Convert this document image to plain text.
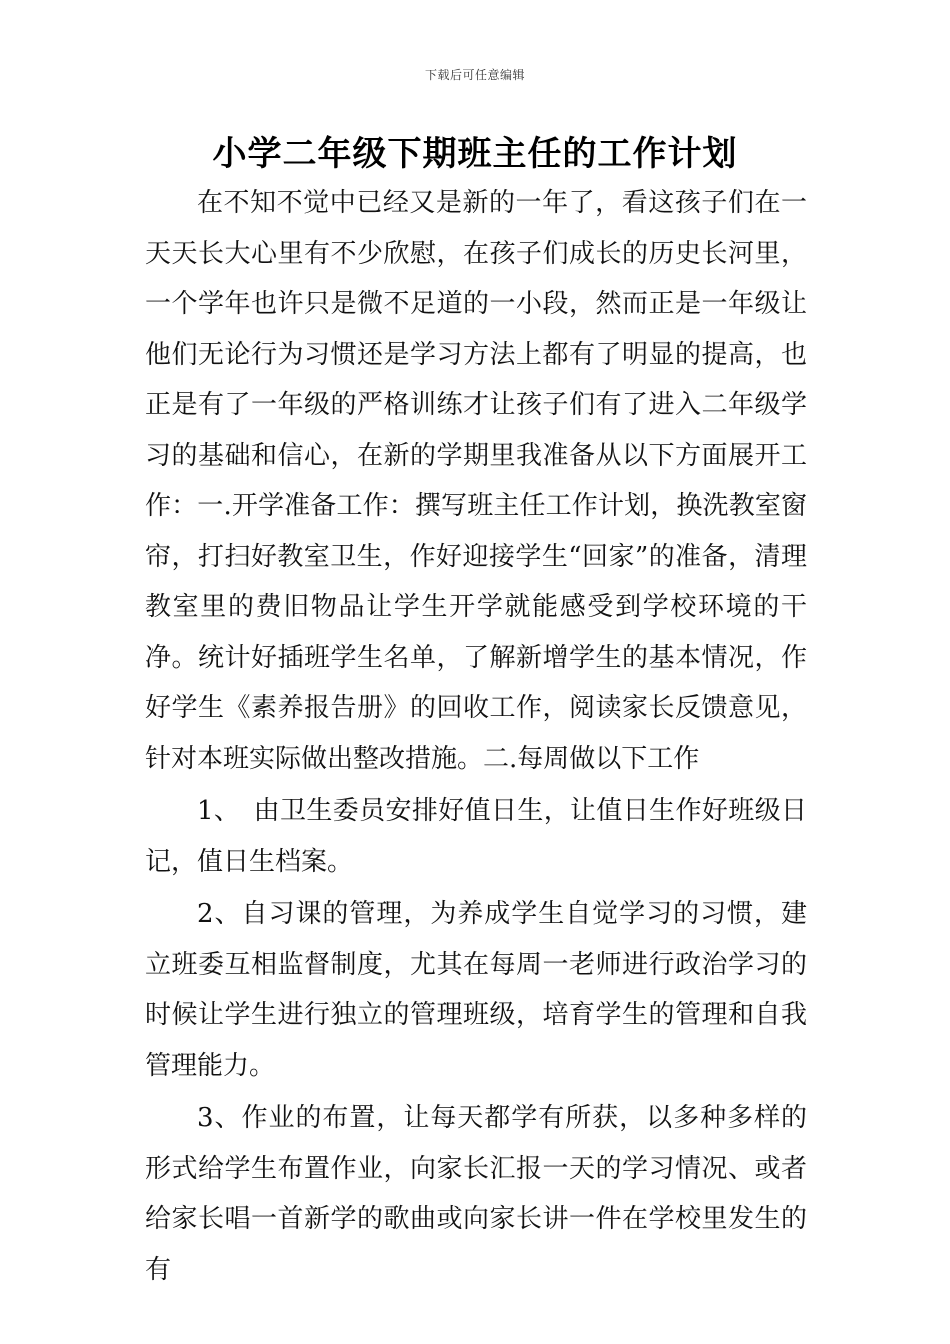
下载后可任意编辑
小学二年级下期班主任的工作计划

在不知不觉中已经又是新的一年了，看这孩子们在一天天长大心里有不少欣慰，在孩子们成长的历史长河里，一个学年也许只是微不足道的一小段，然而正是一年级让他们无论行为习惯还是学习方法上都有了明显的提高，也正是有了一年级的严格训练才让孩子们有了进入二年级学习的基础和信心，在新的学期里我准备从以下方面展开工作：一.开学准备工作：撰写班主任工作计划，换洗教室窗帘，打扫好教室卫生，作好迎接学生“回家”的准备，清理教室里的费旧物品让学生开学就能感受到学校环境的干净。统计好插班学生名单，了解新增学生的基本情况，作好学生《素养报告册》的回收工作，阅读家长反馈意见，针对本班实际做出整改措施。二.每周做以下工作

1、　由卫生委员安排好值日生，让值日生作好班级日记，值日生档案。

2、自习课的管理，为养成学生自觉学习的习惯，建立班委互相监督制度，尤其在每周一老师进行政治学习的时候让学生进行独立的管理班级，培育学生的管理和自我管理能力。

3、作业的布置，让每天都学有所获，以多种多样的形式给学生布置作业，向家长汇报一天的学习情况、或者给家长唱一首新学的歌曲或向家长讲一件在学校里发生的有
